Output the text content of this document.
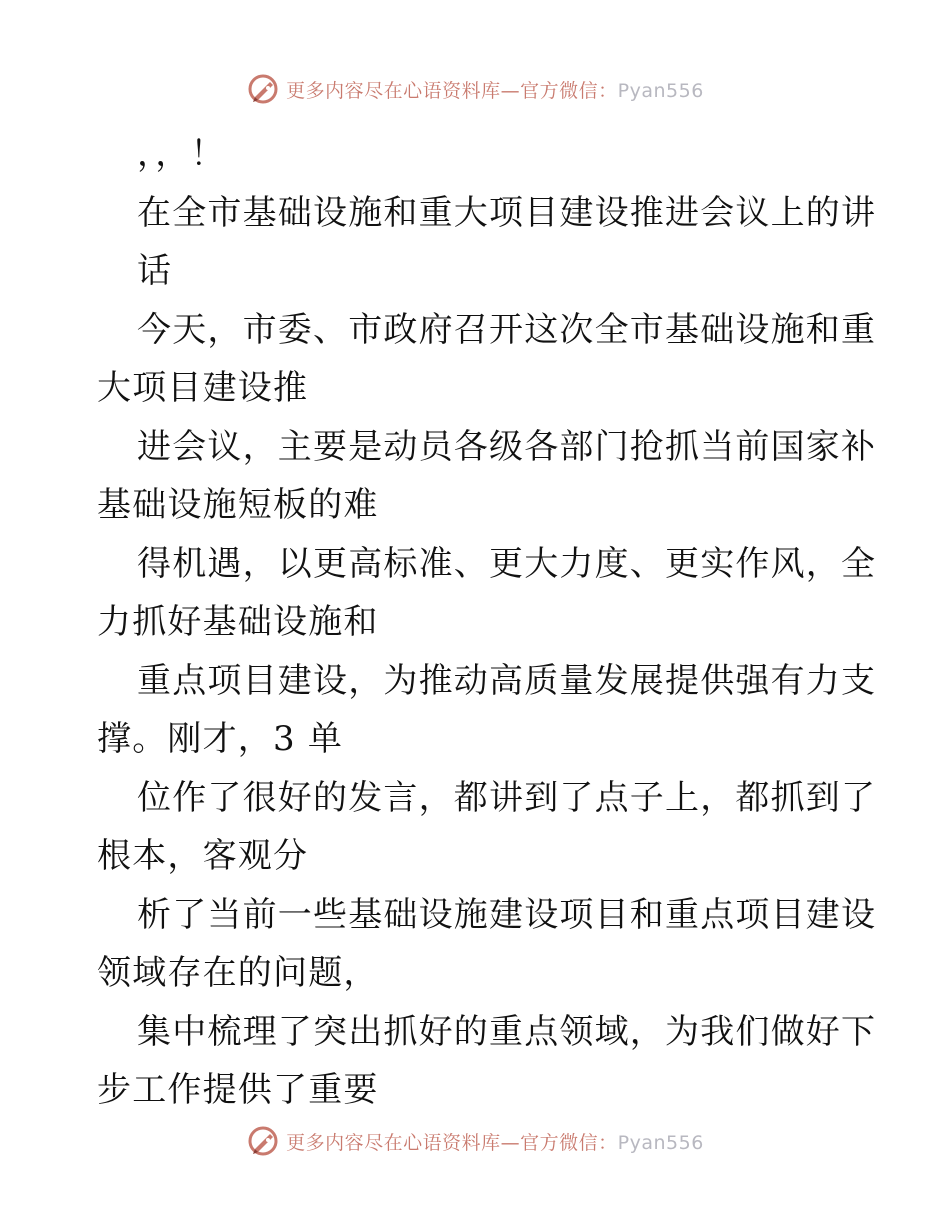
更多内容尽在心语资料库—官方微信：Pyan556
，，！
在全市基础设施和重大项目建设推进会议上的讲
话
今天，市委、市政府召开这次全市基础设施和重
大项目建设推
进会议，主要是动员各级各部门抢抓当前国家补
基础设施短板的难
得机遇，以更高标准、更大力度、更实作风，全
力抓好基础设施和
重点项目建设，为推动高质量发展提供强有力支
撑。刚才，3 单
位作了很好的发言，都讲到了点子上，都抓到了
根本，客观分
析了当前一些基础设施建设项目和重点项目建设
领域存在的问题，
集中梳理了突出抓好的重点领域，为我们做好下
步工作提供了重要
更多内容尽在心语资料库—官方微信：Pyan556
